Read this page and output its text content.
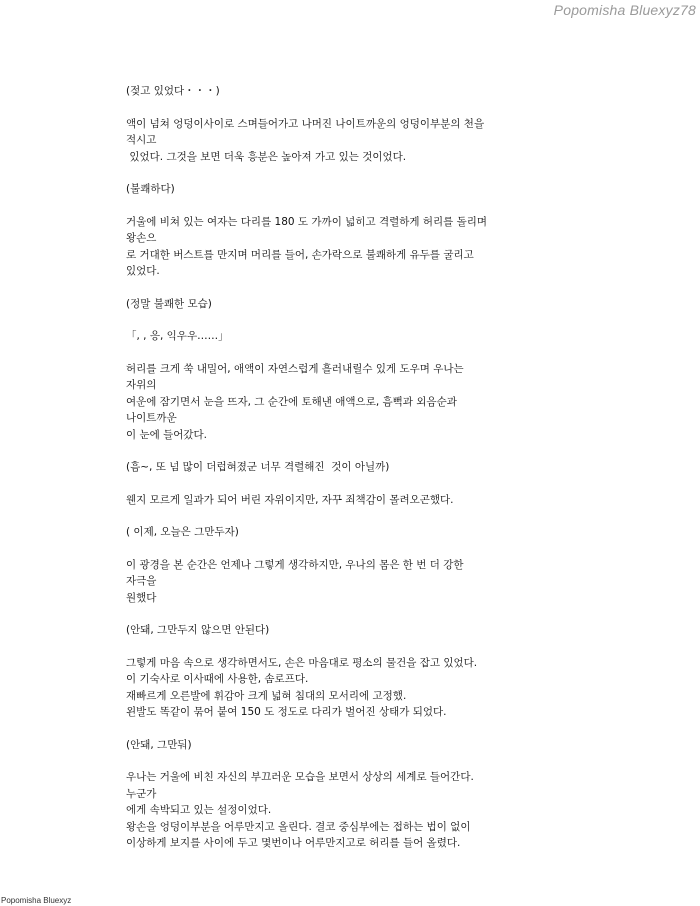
Popomisha Bluexyz78

(젖고 있었다・・・)

액이 넘쳐 엉덩이사이로 스며들어가고 나머진 나이트까운의 엉덩이부분의 천을
적시고
있었다. 그것을 보면 더욱 흥분은 높아져 가고 있는 것이었다.

(불쾌하다)

거울에 비쳐 있는 여자는 다리를 180 도 가까이 넓히고 격렬하게 허리를 돌리며
왕손으
로 거대한 버스트를 만지며 머리를 들어, 손가락으로 불쾌하게 유두를 굴리고
있었다.

(정말 불쾌한 모습)

「, , 응, 익우우……」

허리를 크게 쑥 내밀어, 애액이 자연스럽게 흘러내릴수 있게 도우며 우나는
자위의
여운에 잠기면서 눈을 뜨자, 그 순간에 토해낸 애액으로, 흠뻑과 외음순과
나이트까운
이 눈에 들어갔다.

(흠~, 또 넘 많이 더럽혀졌군 너무 격렬해진  것이 아닐까)

웬지 모르게 일과가 되어 버린 자위이지만, 자꾸 죄책감이 몰려오곤했다.

( 이제, 오늘은 그만두자)

이 광경을 본 순간은 언제나 그렇게 생각하지만, 우나의 몸은 한 번 더 강한
자극을
원했다

(안돼, 그만두지 않으면 안된다)

그렇게 마음 속으로 생각하면서도, 손은 마음대로 평소의 물건을 잡고 있었다.
이 기숙사로 이사때에 사용한, 솜로프다.
재빠르게 오른발에 휘감아 크게 넓혀 침대의 모서리에 고정했.
왼발도 똑같이 묶어 붙여 150 도 정도로 다리가 벌어진 상태가 되었다.

(안돼, 그만둬)

우나는 거울에 비친 자신의 부끄러운 모습을 보면서 상상의 세계로 들어간다.
누군가
에게 속박되고 있는 설정이었다.
왕손을 엉덩이부분을 어루만지고 올린다. 결코 중심부에는 접하는 법이 없이
이상하게 보지를 사이에 두고 몇번이나 어루만지고로 허리를 들어 올렸다.

Popomisha Bluexyz
